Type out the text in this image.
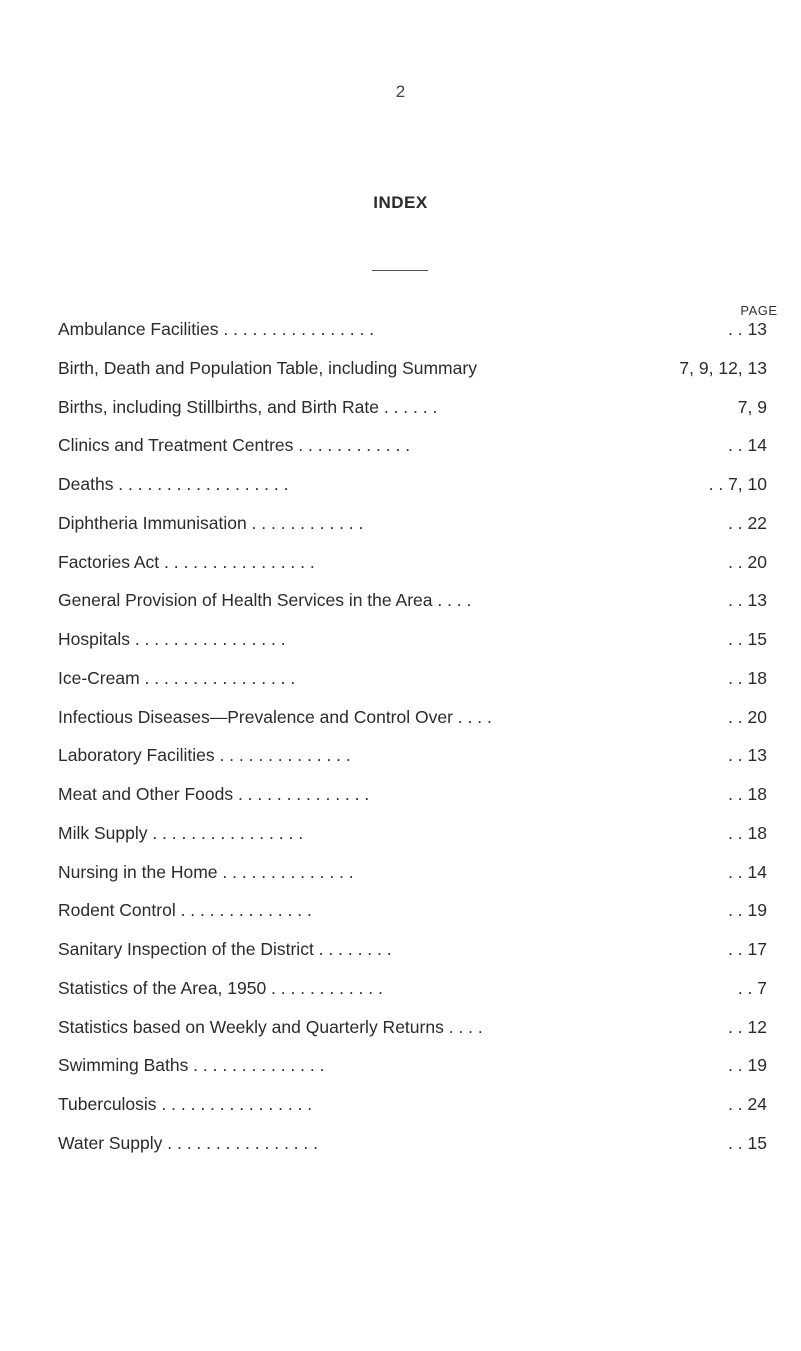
2
INDEX
PAGE
Ambulance Facilities . . . . . . . . . . . . . . . .	. . 13
Birth, Death and Population Table, including Summary	7, 9, 12, 13
Births, including Stillbirths, and Birth Rate . . . . . .	7, 9
Clinics and Treatment Centres . . . . . . . . . . . .	. . 14
Deaths . . . . . . . . . . . . . . . . . .	. . 7, 10
Diphtheria Immunisation . . . . . . . . . . . .	. . 22
Factories Act . . . . . . . . . . . . . . . .	. . 20
General Provision of Health Services in the Area . . . .	. . 13
Hospitals . . . . . . . . . . . . . . . .	. . 15
Ice-Cream . . . . . . . . . . . . . . . .	. . 18
Infectious Diseases—Prevalence and Control Over . . . .	. . 20
Laboratory Facilities . . . . . . . . . . . . . .	. . 13
Meat and Other Foods . . . . . . . . . . . . . .	. . 18
Milk Supply . . . . . . . . . . . . . . . .	. . 18
Nursing in the Home . . . . . . . . . . . . . .	. . 14
Rodent Control . . . . . . . . . . . . . .	. . 19
Sanitary Inspection of the District . . . . . . . .	. . 17
Statistics of the Area, 1950 . . . . . . . . . . . .	. . 7
Statistics based on Weekly and Quarterly Returns . . . .	. . 12
Swimming Baths . . . . . . . . . . . . . .	. . 19
Tuberculosis . . . . . . . . . . . . . . . .	. . 24
Water Supply . . . . . . . . . . . . . . . .	. . 15
